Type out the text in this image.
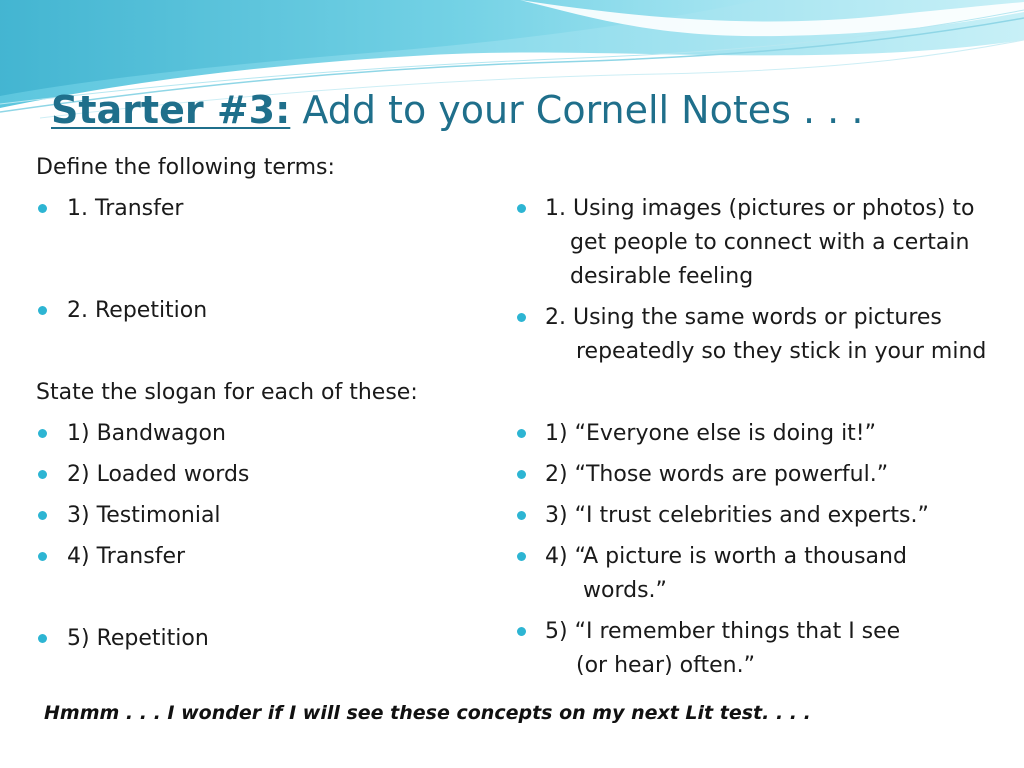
Starter #3: Add to your Cornell Notes . . .
Define the following terms:
1. Transfer
2. Repetition
State the slogan for each of these:
1) Bandwagon
2) Loaded words
3) Testimonial
4) Transfer
5) Repetition
1. Using images (pictures or photos) to
get people to connect with a certain
desirable feeling
2. Using the same words or pictures
repeatedly so they stick in your mind
1) “Everyone else is doing it!”
2) “Those words are powerful.”
3) “I trust celebrities and experts.”
4) “A picture is worth a thousand
words.”
5) “I remember things that I see
(or hear) often.”
Hmmm . . . I wonder if I will see these concepts on my next Lit test. . . .
